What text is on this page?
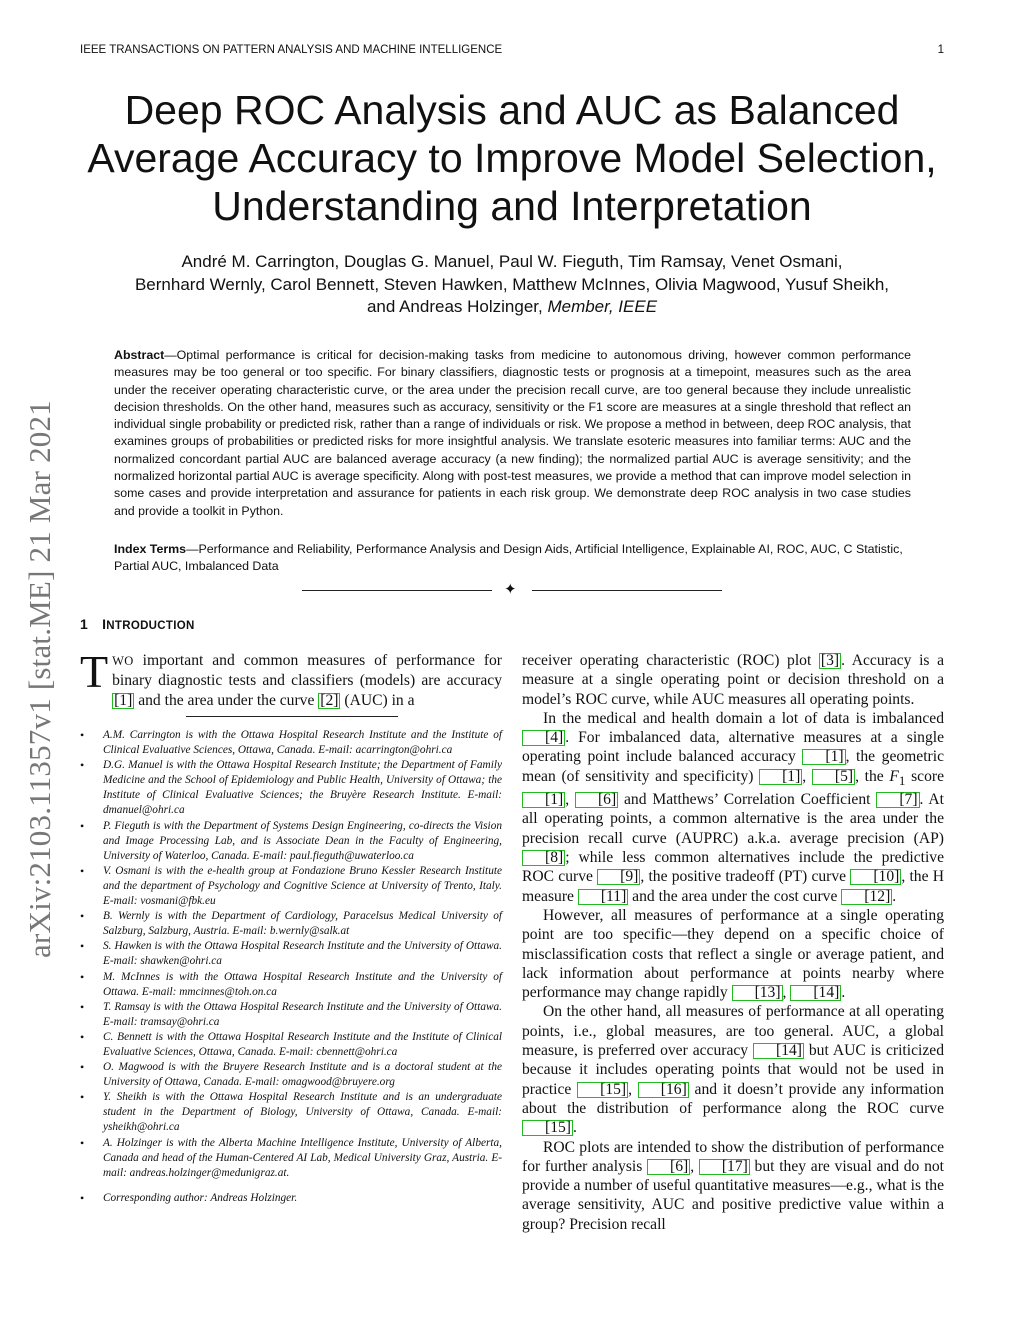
IEEE TRANSACTIONS ON PATTERN ANALYSIS AND MACHINE INTELLIGENCE	1
Deep ROC Analysis and AUC as Balanced
Average Accuracy to Improve Model Selection,
Understanding and Interpretation
André M. Carrington, Douglas G. Manuel, Paul W. Fieguth, Tim Ramsay, Venet Osmani,
Bernhard Wernly, Carol Bennett, Steven Hawken, Matthew McInnes, Olivia Magwood, Yusuf Sheikh,
and Andreas Holzinger, Member, IEEE
arXiv:2103.11357v1 [stat.ME] 21 Mar 2021
Abstract—Optimal performance is critical for decision-making tasks from medicine to autonomous driving, however common performance measures may be too general or too specific. For binary classifiers, diagnostic tests or prognosis at a timepoint, measures such as the area under the receiver operating characteristic curve, or the area under the precision recall curve, are too general because they include unrealistic decision thresholds. On the other hand, measures such as accuracy, sensitivity or the F1 score are measures at a single threshold that reflect an individual single probability or predicted risk, rather than a range of individuals or risk. We propose a method in between, deep ROC analysis, that examines groups of probabilities or predicted risks for more insightful analysis. We translate esoteric measures into familiar terms: AUC and the normalized concordant partial AUC are balanced average accuracy (a new finding); the normalized partial AUC is average sensitivity; and the normalized horizontal partial AUC is average specificity. Along with post-test measures, we provide a method that can improve model selection in some cases and provide interpretation and assurance for patients in each risk group. We demonstrate deep ROC analysis in two case studies and provide a toolkit in Python.
Index Terms—Performance and Reliability, Performance Analysis and Design Aids, Artificial Intelligence, Explainable AI, ROC, AUC, C Statistic, Partial AUC, Imbalanced Data
✦
1 INTRODUCTION
TWO important and common measures of performance for binary diagnostic tests and classifiers (models) are accuracy [1] and the area under the curve [2] (AUC) in a
• A.M. Carrington is with the Ottawa Hospital Research Institute and the Institute of Clinical Evaluative Sciences, Ottawa, Canada. E-mail: acarrington@ohri.ca
• D.G. Manuel is with the Ottawa Hospital Research Institute; the Department of Family Medicine and the School of Epidemiology and Public Health, University of Ottawa; the Institute of Clinical Evaluative Sciences; the Bruyère Research Institute. E-mail: dmanuel@ohri.ca
• P. Fieguth is with the Department of Systems Design Engineering, co-directs the Vision and Image Processing Lab, and is Associate Dean in the Faculty of Engineering, University of Waterloo, Canada. E-mail: paul.fieguth@uwaterloo.ca
• V. Osmani is with the e-health group at Fondazione Bruno Kessler Research Institute and the department of Psychology and Cognitive Science at University of Trento, Italy. E-mail: vosmani@fbk.eu
• B. Wernly is with the Department of Cardiology, Paracelsus Medical University of Salzburg, Salzburg, Austria. E-mail: b.wernly@salk.at
• S. Hawken is with the Ottawa Hospital Research Institute and the University of Ottawa. E-mail: shawken@ohri.ca
• M. McInnes is with the Ottawa Hospital Research Institute and the University of Ottawa. E-mail: mmcinnes@toh.on.ca
• T. Ramsay is with the Ottawa Hospital Research Institute and the University of Ottawa. E-mail: tramsay@ohri.ca
• C. Bennett is with the Ottawa Hospital Research Institute and the Institute of Clinical Evaluative Sciences, Ottawa, Canada. E-mail: cbennett@ohri.ca
• O. Magwood is with the Bruyere Research Institute and is a doctoral student at the University of Ottawa, Canada. E-mail: omagwood@bruyere.org
• Y. Sheikh is with the Ottawa Hospital Research Institute and is an undergraduate student in the Department of Biology, University of Ottawa, Canada. E-mail: ysheikh@ohri.ca
• A. Holzinger is with the Alberta Machine Intelligence Institute, University of Alberta, Canada and head of the Human-Centered AI Lab, Medical University Graz, Austria. E-mail: andreas.holzinger@medunigraz.at.
• Corresponding author: Andreas Holzinger.

receiver operating characteristic (ROC) plot [3] . Accuracy is a measure at a single operating point or decision threshold on a model’s ROC curve, while AUC measures all operating points.

In the medical and health domain a lot of data is imbalanced [4] . For imbalanced data, alternative measures at a single operating point include balanced accuracy [1] , the geometric mean (of sensitivity and specificity) [1] , [5] , the $F_1$ score [1] , [6] and Matthews’ Correlation Coefficient [7] . At all operating points, a common alternative is the area under the precision recall curve (AUPRC) a.k.a. average precision (AP) [8] ; while less common alternatives include the predictive ROC curve [9] , the positive tradeoff (PT) curve [10] , the H measure [11] and the area under the cost curve [12] .

However, all measures of performance at a single operating point are too specific—they depend on a specific choice of misclassification costs that reflect a single or average patient, and lack information about performance at points nearby where performance may change rapidly [13] , [14] .

On the other hand, all measures of performance at all operating points, i.e., global measures, are too general. AUC, a global measure, is preferred over accuracy [14] but AUC is criticized because it includes operating points that would not be used in practice [15] , [16] and it doesn’t provide any information about the distribution of performance along the ROC curve [15] .

ROC plots are intended to show the distribution of performance for further analysis [6] , [17] but they are visual and do not provide a number of useful quantitative measures—e.g., what is the average sensitivity, AUC and positive predictive value within a group? Precision recall
